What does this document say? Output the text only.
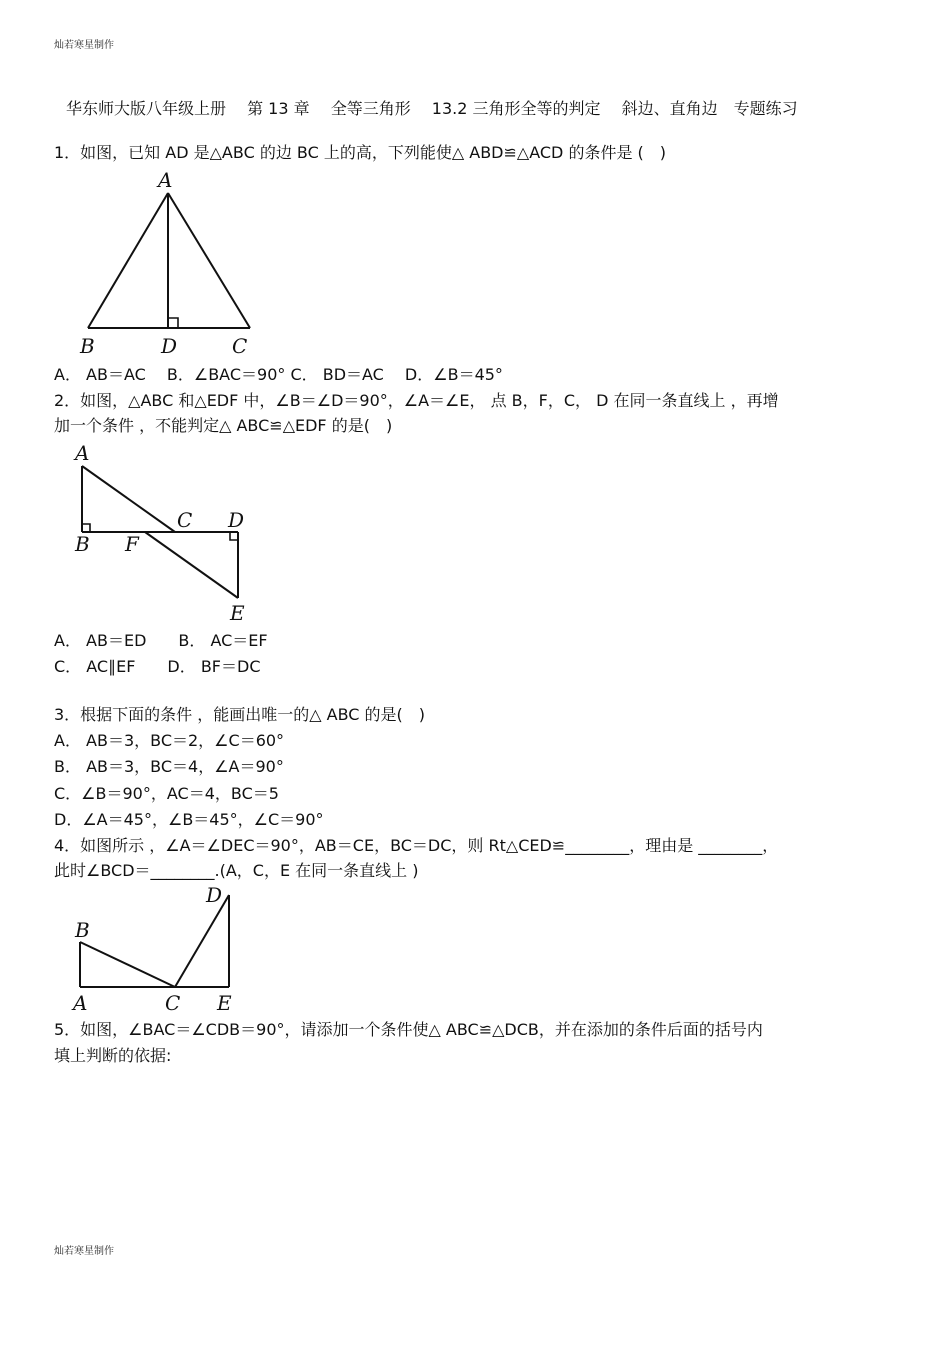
灿若寒星制作
华东师大版八年级上册　 第 13 章　 全等三角形　 13.2 三角形全等的判定　 斜边、直角边　专题练习
1．如图，已知 AD 是△ABC 的边 BC 上的高，下列能使△ ABD≌△ACD 的条件是 (　)
A
B	D	C
A． AB＝AC　 B．∠BAC＝90° C． BD＝AC　 D．∠B＝45°
2．如图，△ABC 和△EDF 中，∠B＝∠D＝90°，∠A＝∠E， 点 B，F，C， D 在同一条直线上 ，再增
加一个条件 ，不能判定△ ABC≌△EDF 的是(　)
A
B F
C D
E
A． AB＝ED　　B． AC＝EF
C． AC∥EF　　D． BF＝DC
3．根据下面的条件 ，能画出唯一的△ ABC 的是(　)
A． AB＝3，BC＝2，∠C＝60°
B． AB＝3，BC＝4，∠A＝90°
C．∠B＝90°，AC＝4，BC＝5
D．∠A＝45°，∠B＝45°，∠C＝90°
4．如图所示 ，∠A＝∠DEC＝90°，AB＝CE，BC＝DC，则 Rt△CED≌________，理由是 ________，
此时∠BCD＝________.(A，C，E 在同一条直线上 )
D
B
A	C E
5．如图，∠BAC＝∠CDB＝90°，请添加一个条件使△ ABC≌△DCB，并在添加的条件后面的括号内
填上判断的依据:
灿若寒星制作
